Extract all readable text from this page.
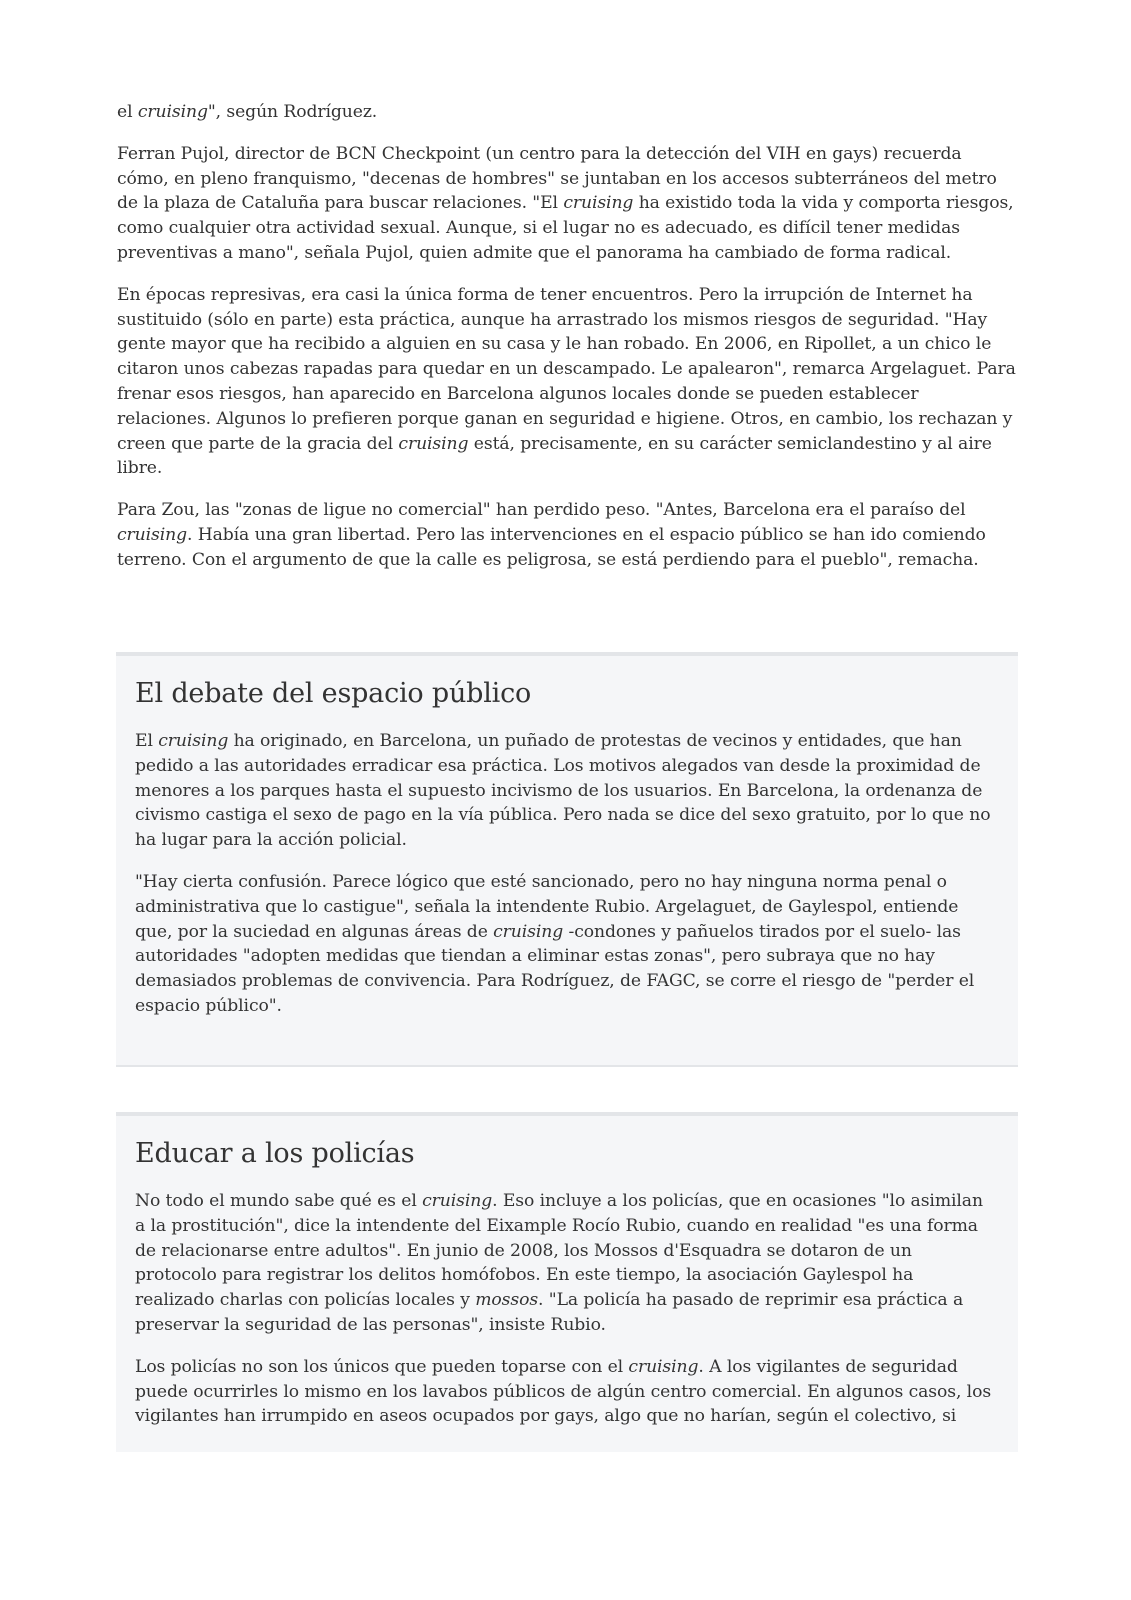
el cruising", según Rodríguez.

Ferran Pujol, director de BCN Checkpoint (un centro para la detección del VIH en gays) recuerda cómo, en pleno franquismo, "decenas de hombres" se juntaban en los accesos subterráneos del metro de la plaza de Cataluña para buscar relaciones. "El cruising ha existido toda la vida y comporta riesgos, como cualquier otra actividad sexual. Aunque, si el lugar no es adecuado, es difícil tener medidas preventivas a mano", señala Pujol, quien admite que el panorama ha cambiado de forma radical.

En épocas represivas, era casi la única forma de tener encuentros. Pero la irrupción de Internet ha sustituido (sólo en parte) esta práctica, aunque ha arrastrado los mismos riesgos de seguridad. "Hay gente mayor que ha recibido a alguien en su casa y le han robado. En 2006, en Ripollet, a un chico le citaron unos cabezas rapadas para quedar en un descampado. Le apalearon", remarca Argelaguet. Para frenar esos riesgos, han aparecido en Barcelona algunos locales donde se pueden establecer relaciones. Algunos lo prefieren porque ganan en seguridad e higiene. Otros, en cambio, los rechazan y creen que parte de la gracia del cruising está, precisamente, en su carácter semiclandestino y al aire libre.

Para Zou, las "zonas de ligue no comercial" han perdido peso. "Antes, Barcelona era el paraíso del cruising. Había una gran libertad. Pero las intervenciones en el espacio público se han ido comiendo terreno. Con el argumento de que la calle es peligrosa, se está perdiendo para el pueblo", remacha.

El debate del espacio público

El cruising ha originado, en Barcelona, un puñado de protestas de vecinos y entidades, que han pedido a las autoridades erradicar esa práctica. Los motivos alegados van desde la proximidad de menores a los parques hasta el supuesto incivismo de los usuarios. En Barcelona, la ordenanza de civismo castiga el sexo de pago en la vía pública. Pero nada se dice del sexo gratuito, por lo que no ha lugar para la acción policial.

"Hay cierta confusión. Parece lógico que esté sancionado, pero no hay ninguna norma penal o administrativa que lo castigue", señala la intendente Rubio. Argelaguet, de Gaylespol, entiende que, por la suciedad en algunas áreas de cruising -condones y pañuelos tirados por el suelo- las autoridades "adopten medidas que tiendan a eliminar estas zonas", pero subraya que no hay demasiados problemas de convivencia. Para Rodríguez, de FAGC, se corre el riesgo de "perder el espacio público".

Educar a los policías

No todo el mundo sabe qué es el cruising. Eso incluye a los policías, que en ocasiones "lo asimilan a la prostitución", dice la intendente del Eixample Rocío Rubio, cuando en realidad "es una forma de relacionarse entre adultos". En junio de 2008, los Mossos d'Esquadra se dotaron de un protocolo para registrar los delitos homófobos. En este tiempo, la asociación Gaylespol ha realizado charlas con policías locales y mossos. "La policía ha pasado de reprimir esa práctica a preservar la seguridad de las personas", insiste Rubio.

Los policías no son los únicos que pueden toparse con el cruising. A los vigilantes de seguridad puede ocurrirles lo mismo en los lavabos públicos de algún centro comercial. En algunos casos, los vigilantes han irrumpido en aseos ocupados por gays, algo que no harían, según el colectivo, si
